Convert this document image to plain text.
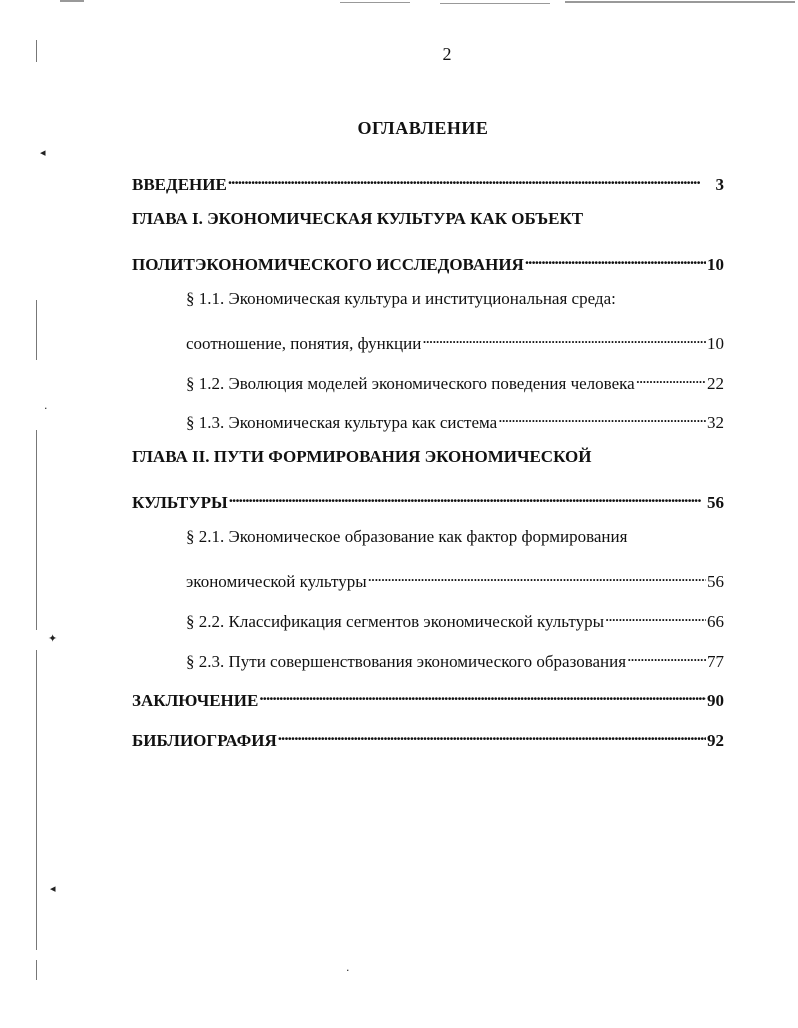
◂
‧
✦
◂
‧
2
ОГЛАВЛЕНИЕ
ВВЕДЕНИЕ . . .	3
ГЛАВА I. ЭКОНОМИЧЕСКАЯ КУЛЬТУРА КАК ОБЪЕКТ
ПОЛИТЭКОНОМИЧЕСКОГО ИССЛЕДОВАНИЯ . . .	10
§ 1.1. Экономическая культура и институциональная среда:
соотношение, понятия, функции . . .	10
§ 1.2. Эволюция моделей экономического поведения человека . . .	22
§ 1.3. Экономическая культура как система . . .	32
ГЛАВА II. ПУТИ ФОРМИРОВАНИЯ ЭКОНОМИЧЕСКОЙ
КУЛЬТУРЫ . . .	56
§ 2.1. Экономическое образование как фактор формирования
экономической культуры . . .	56
§ 2.2. Классификация сегментов экономической культуры . . .	66
§ 2.3. Пути совершенствования экономического образования . . .	77
ЗАКЛЮЧЕНИЕ . . .	90
БИБЛИОГРАФИЯ . . .	92
